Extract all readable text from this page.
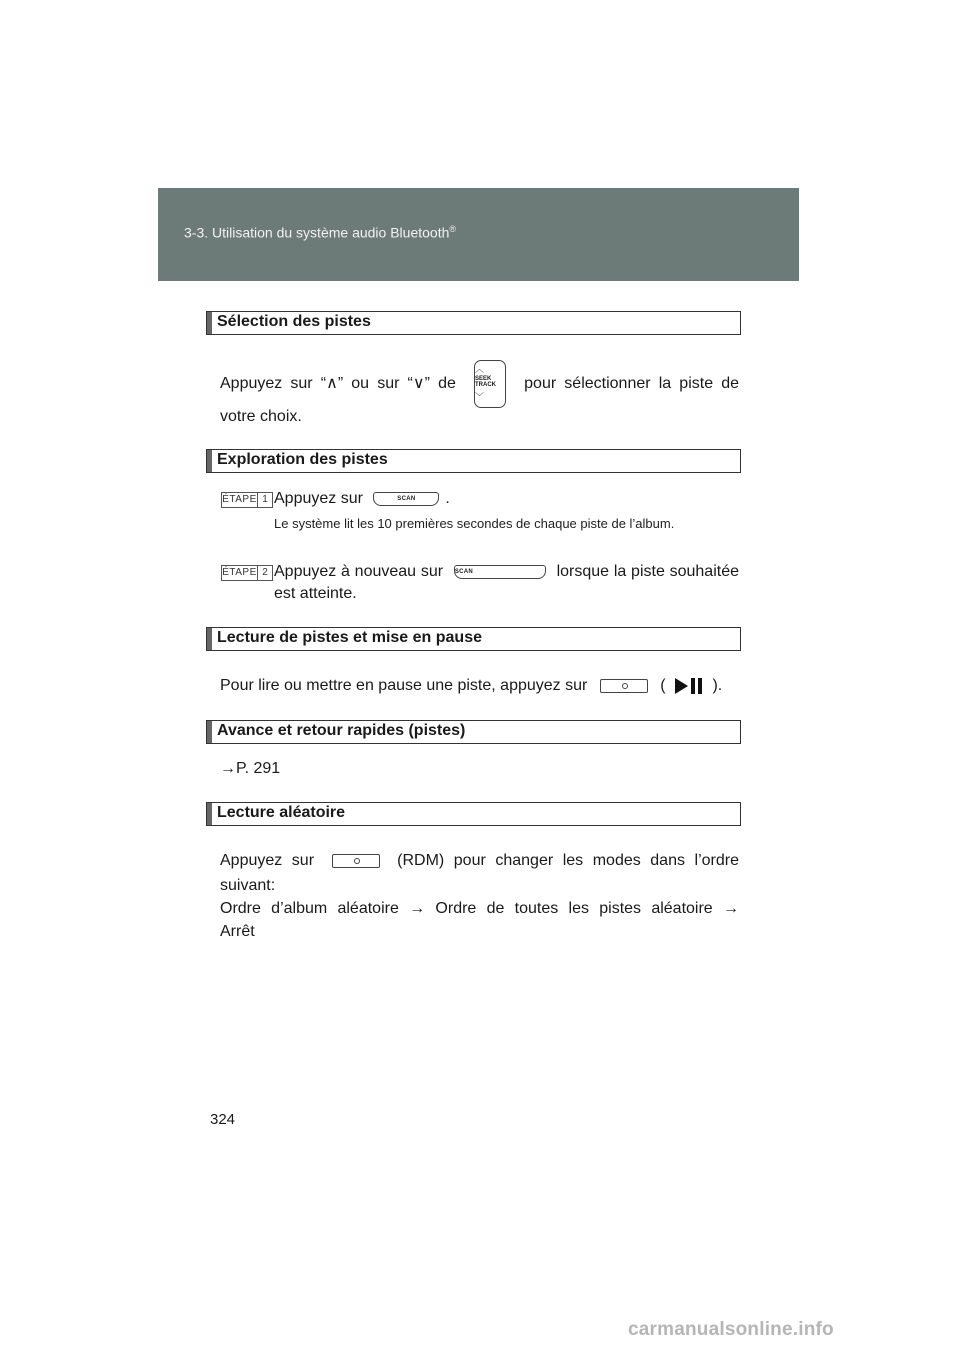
3-3. Utilisation du système audio Bluetooth®
Sélection des pistes
Appuyez sur “∧” ou sur “∨” de
︿
SEEK
TRACK
﹀
pour sélectionner la piste de
votre choix.
Exploration des pistes
ÉTAPE 1 Appuyez sur	SCAN	.
Le système lit les 10 premières secondes de chaque piste de l’album.
ÉTAPE 2 Appuyez à nouveau sur SCAN	lorsque la piste souhaitée
est atteinte.
Lecture de pistes et mise en pause
Pour lire ou mettre en pause une piste, appuyez sur	(	).
Avance et retour rapides (pistes)
→P. 291
Lecture aléatoire
Appuyez sur	(RDM) pour changer les modes dans l’ordre
suivant:
Ordre d’album aléatoire → Ordre de toutes les pistes aléatoire →
Arrêt
324
carmanualsonline.info
